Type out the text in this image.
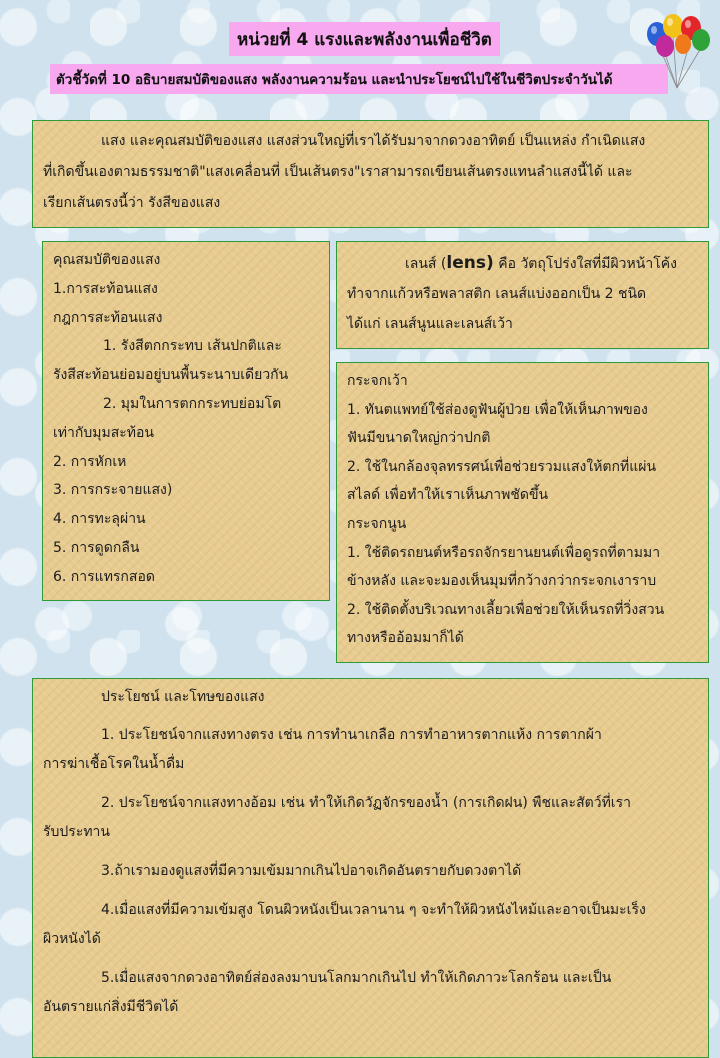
หน่วยที่ 4 แรงและพลังงานเพื่อชีวิต
ตัวชี้วัดที่ 10 อธิบายสมบัติของแสง พลังงานความร้อน และนำประโยชน์ไปใช้ในชีวิตประจำวันได้

แสง และคุณสมบัติของแสง แสงส่วนใหญ่ที่เราได้รับมาจากดวงอาทิตย์ เป็นแหล่ง กำเนิดแสง

ที่เกิดขึ้นเองตามธรรมชาติ"แสงเคลื่อนที่ เป็นเส้นตรง"เราสามารถเขียนเส้นตรงแทนลำแสงนี้ได้ และ

เรียกเส้นตรงนี้ว่า รังสีของแสง

คุณสมบัติของแสง

1.การสะท้อนแสง

กฎการสะท้อนแสง

1. รังสีตกกระทบ เส้นปกติและ

รังสีสะท้อนย่อมอยู่บนพื้นระนาบเดียวกัน

2. มุมในการตกกระทบย่อมโต

เท่ากับมุมสะท้อน

2. การหักเห

3. การกระจายแสง)

4. การทะลุผ่าน

5. การดูดกลืน

6. การแทรกสอด

เลนส์ (lens) คือ วัตถุโปร่งใสที่มีผิวหน้าโค้ง

ทำจากแก้วหรือพลาสติก เลนส์แบ่งออกเป็น 2 ชนิด

ได้แก่ เลนส์นูนและเลนส์เว้า

กระจกเว้า

1. ทันตแพทย์ใช้ส่องดูฟันผู้ป่วย เพื่อให้เห็นภาพของ

ฟันมีขนาดใหญ่กว่าปกติ

2. ใช้ในกล้องจุลทรรศน์เพื่อช่วยรวมแสงให้ตกที่แผ่น

สไลด์ เพื่อทำให้เราเห็นภาพชัดขึ้น

กระจกนูน

1. ใช้ติดรถยนต์หรือรถจักรยานยนต์เพื่อดูรถที่ตามมา

ข้างหลัง และจะมองเห็นมุมที่กว้างกว่ากระจกเงาราบ

2. ใช้ติดตั้งบริเวณทางเลี้ยวเพื่อช่วยให้เห็นรถที่วิ่งสวน

ทางหรืออ้อมมาก็ได้

ประโยชน์ และโทษของแสง

1. ประโยชน์จากแสงทางตรง เช่น การทำนาเกลือ การทำอาหารตากแห้ง การตากผ้า

การฆ่าเชื้อโรคในน้ำดื่ม

2. ประโยชน์จากแสงทางอ้อม เช่น ทำให้เกิดวัฏจักรของน้ำ (การเกิดฝน) พืชและสัตว์ที่เรา

รับประทาน

3.ถ้าเรามองดูแสงที่มีความเข้มมากเกินไปอาจเกิดอันตรายกับดวงตาได้

4.เมื่อแสงที่มีความเข้มสูง โดนผิวหนังเป็นเวลานาน ๆ จะทำให้ผิวหนังไหม้และอาจเป็นมะเร็ง

ผิวหนังได้

5.เมื่อแสงจากดวงอาทิตย์ส่องลงมาบนโลกมากเกินไป ทำให้เกิดภาวะโลกร้อน และเป็น

อันตรายแก่สิ่งมีชีวิตได้
